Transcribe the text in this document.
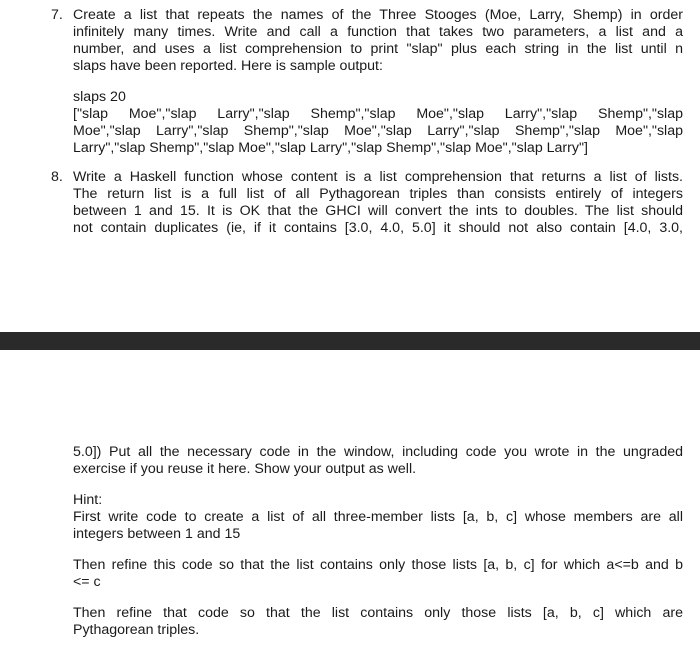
7. Create a list that repeats the names of the Three Stooges (Moe, Larry, Shemp) in order
infinitely many times. Write and call a function that takes two parameters, a list and a
number, and uses a list comprehension to print "slap" plus each string in the list until n
slaps have been reported. Here is sample output:
slaps 20
["slap Moe","slap Larry","slap Shemp","slap Moe","slap Larry","slap Shemp","slap
Moe","slap Larry","slap Shemp","slap Moe","slap Larry","slap Shemp","slap Moe","slap
Larry","slap Shemp","slap Moe","slap Larry","slap Shemp","slap Moe","slap Larry"]
8. Write a Haskell function whose content is a list comprehension that returns a list of lists.
The return list is a full list of all Pythagorean triples than consists entirely of integers
between 1 and 15. It is OK that the GHCI will convert the ints to doubles. The list should
not contain duplicates (ie, if it contains [3.0, 4.0, 5.0] it should not also contain [4.0, 3.0,
5.0]) Put all the necessary code in the window, including code you wrote in the ungraded
exercise if you reuse it here. Show your output as well.
Hint:
First write code to create a list of all three-member lists [a, b, c] whose members are all
integers between 1 and 15
Then refine this code so that the list contains only those lists [a, b, c] for which a<=b and b
<= c
Then refine that code so that the list contains only those lists [a, b, c] which are
Pythagorean triples.
